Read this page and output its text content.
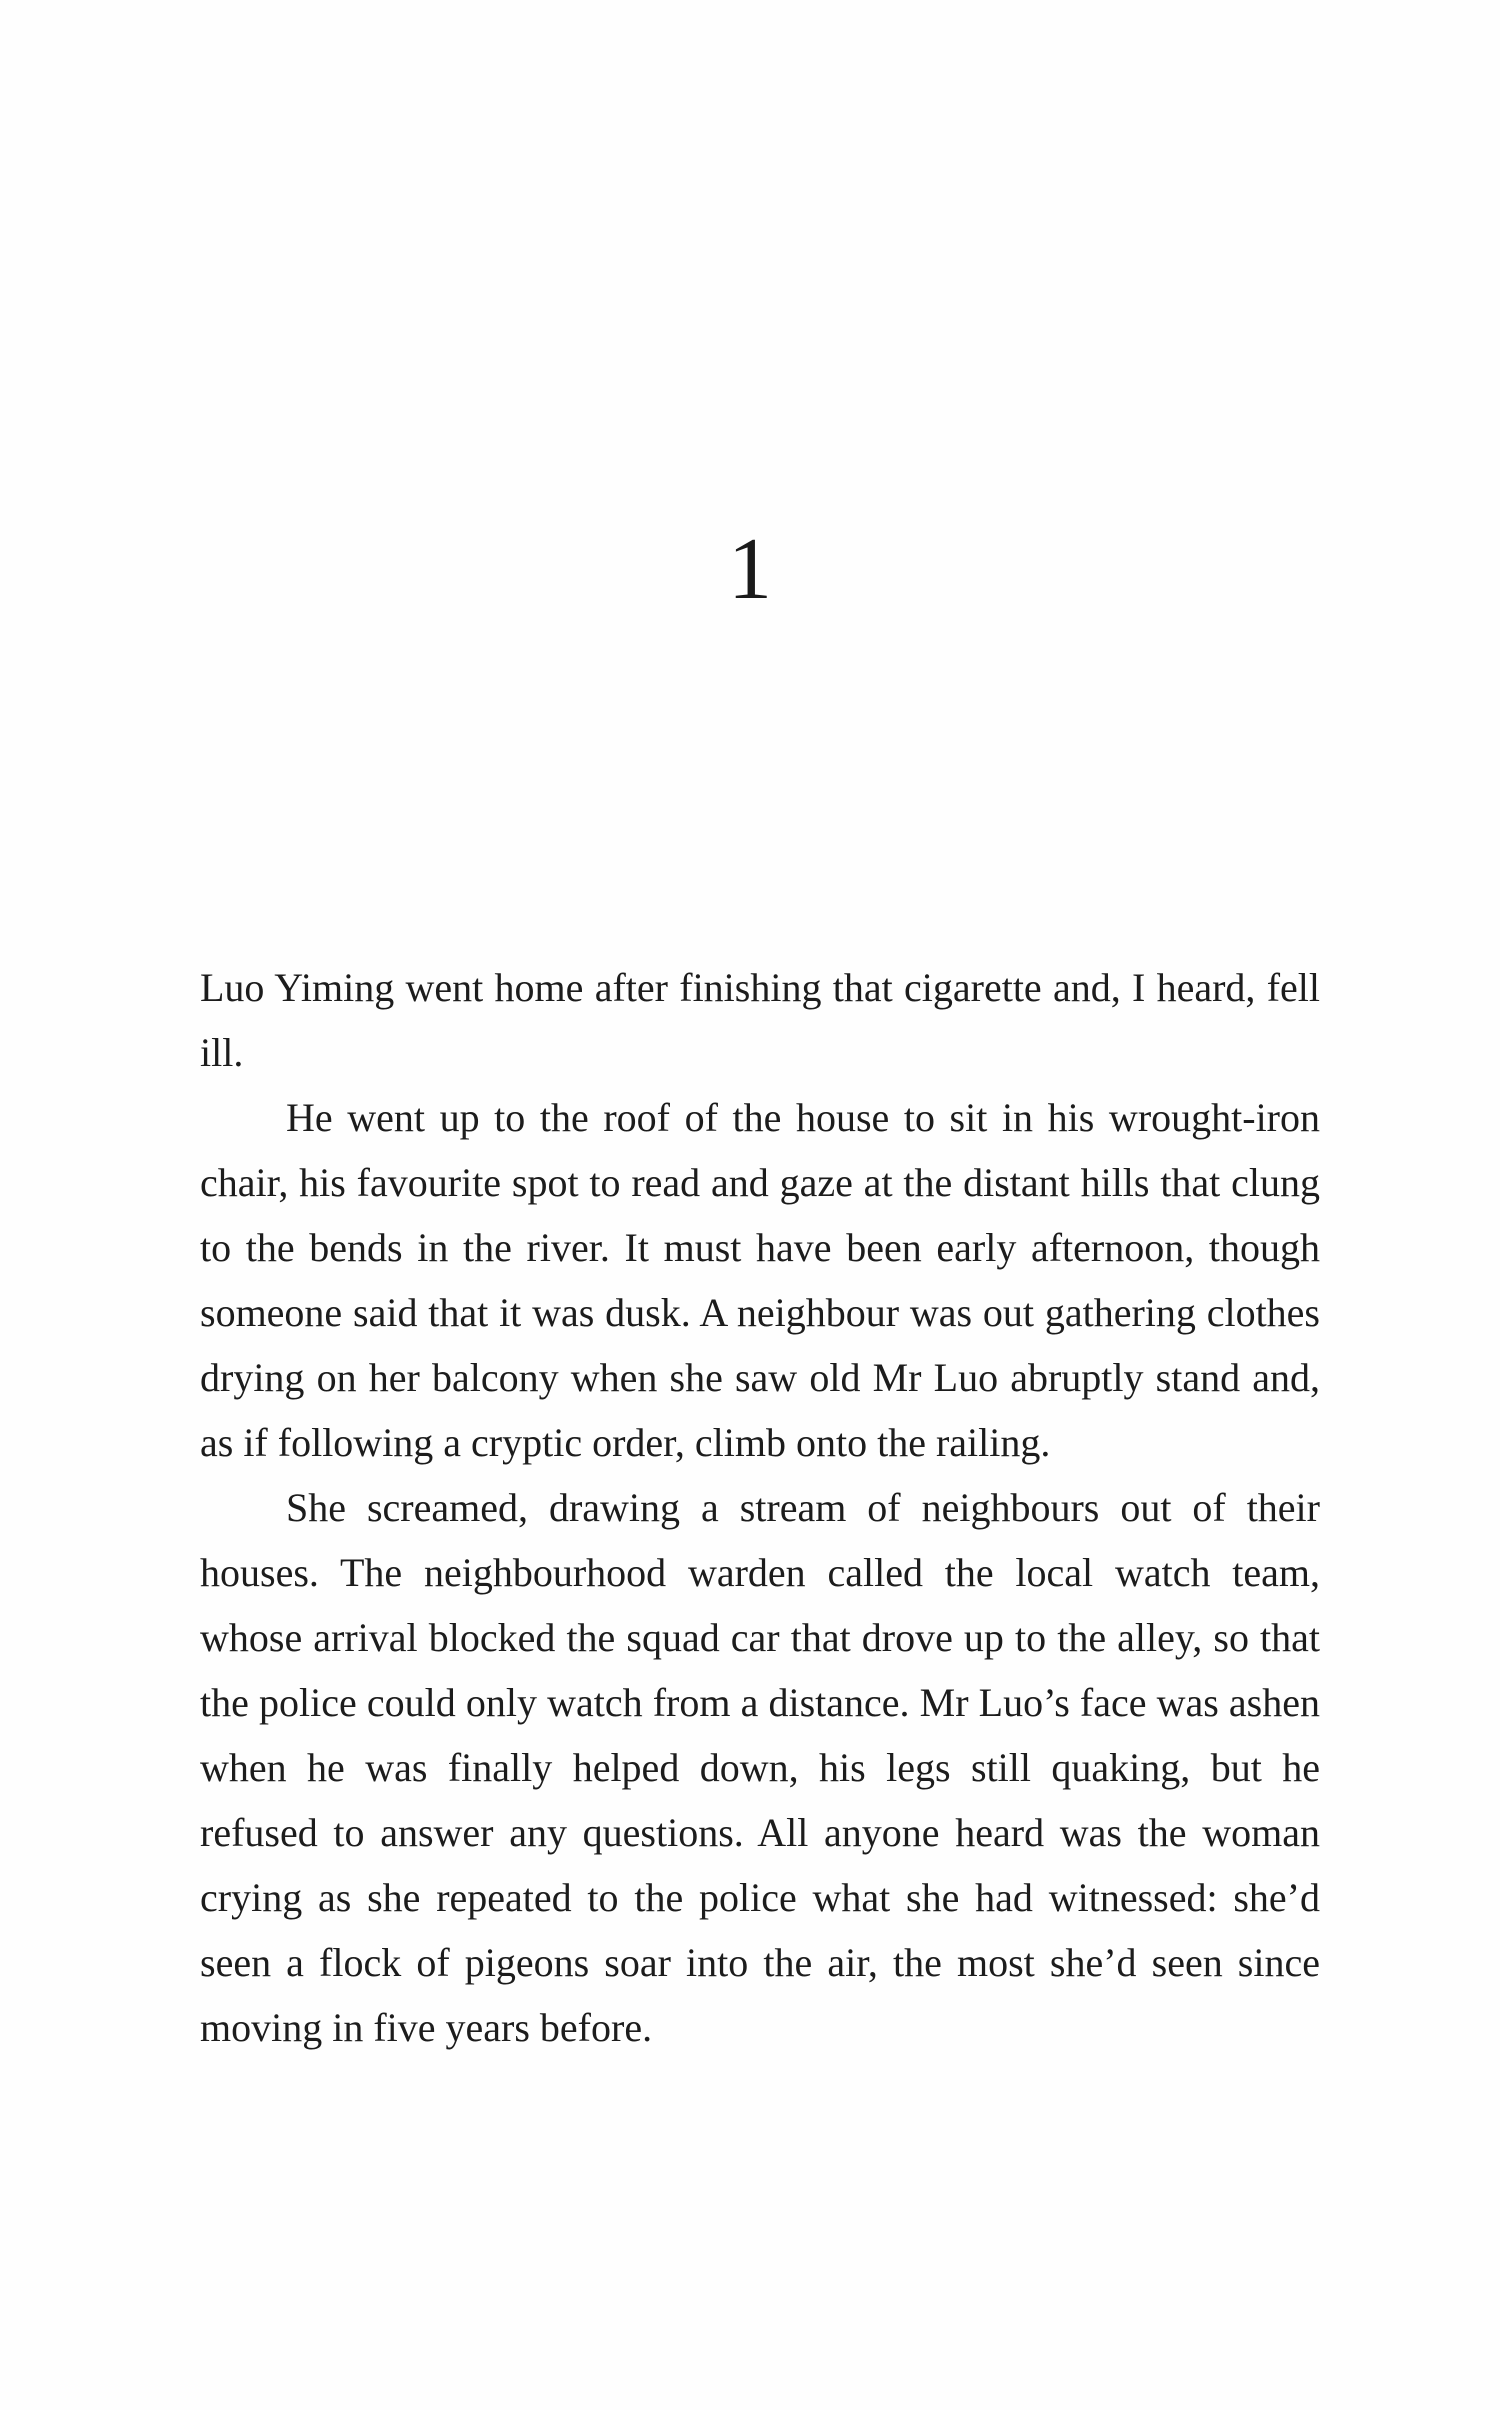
1

Luo Yiming went home after finishing that cigarette and, I heard, fell ill.

He went up to the roof of the house to sit in his wrought-iron chair, his favourite spot to read and gaze at the distant hills that clung to the bends in the river. It must have been early afternoon, though someone said that it was dusk. A neighbour was out gathering clothes drying on her balcony when she saw old Mr Luo abruptly stand and, as if following a cryptic order, climb onto the railing.

She screamed, drawing a stream of neighbours out of their houses. The neighbourhood warden called the local watch team, whose arrival blocked the squad car that drove up to the alley, so that the police could only watch from a distance. Mr Luo’s face was ashen when he was finally helped down, his legs still quaking, but he refused to answer any questions. All anyone heard was the woman crying as she repeated to the police what she had witnessed: she’d seen a flock of pigeons soar into the air, the most she’d seen since moving in five years before.
